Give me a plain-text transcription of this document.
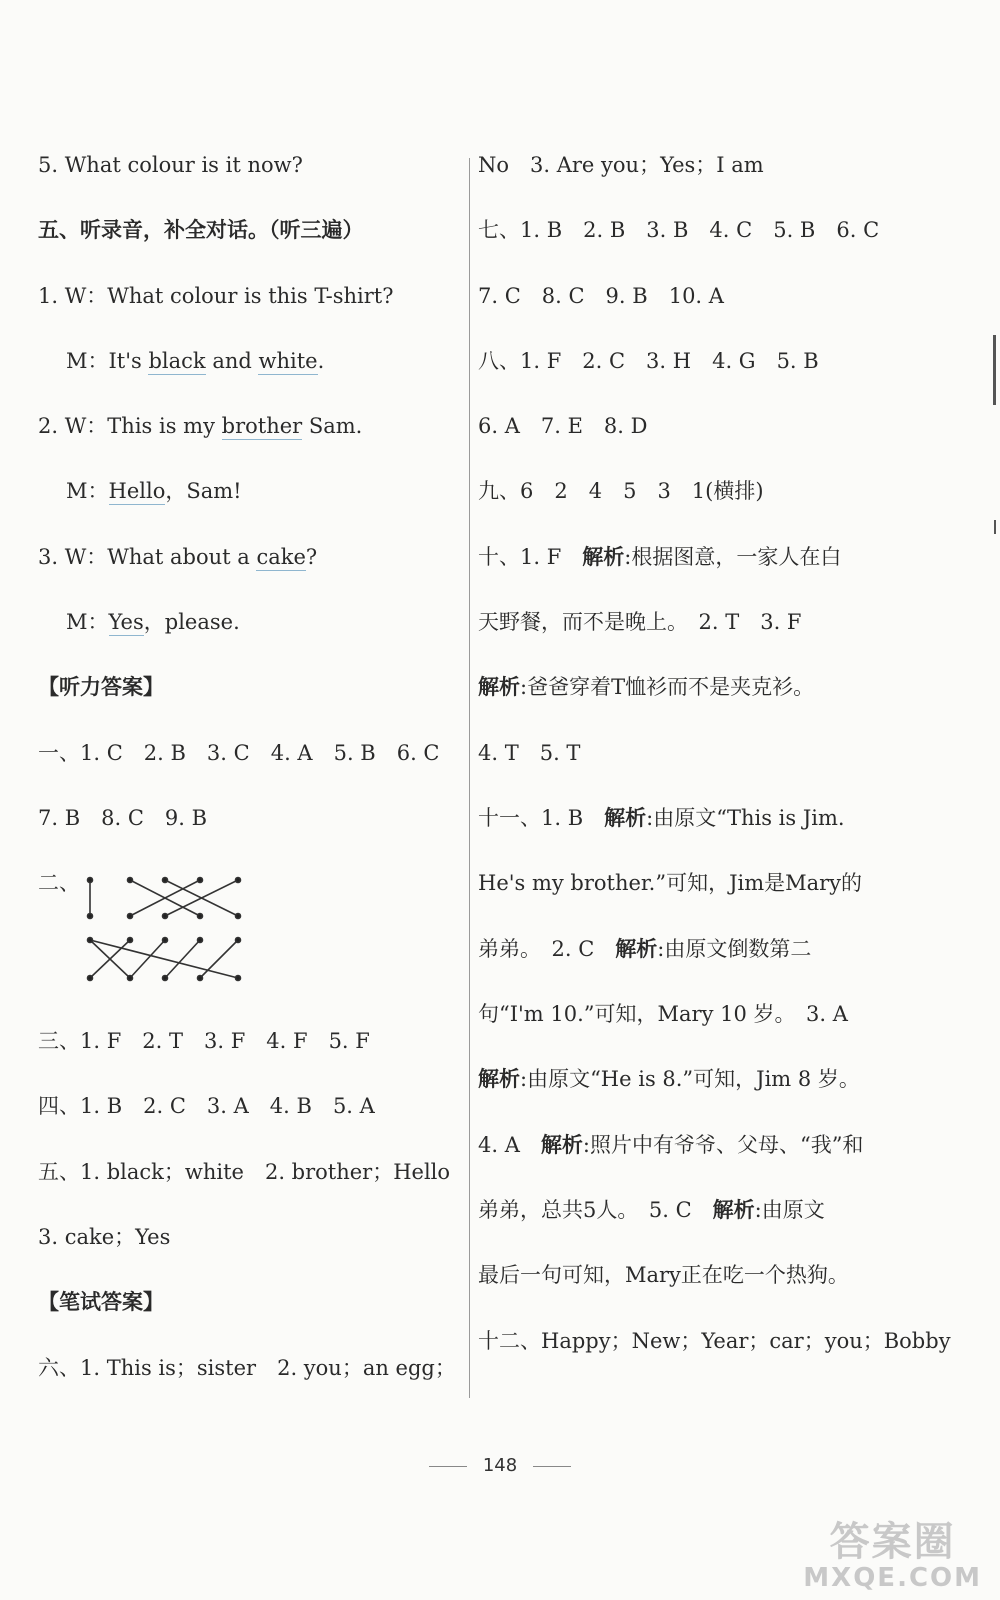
5. What colour is it now?
五、听录音，补全对话。（听三遍）
1. W：What colour is this T-shirt?
M：It's black and white.
2. W：This is my brother Sam.
M：Hello，Sam!
3. W：What about a cake?
M：Yes，please.
【听力答案】
一、1. C　2. B　3. C　4. A　5. B　6. C
7. B　8. C　9. B
二、
三、1. F　2. T　3. F　4. F　5. F
四、1. B　2. C　3. A　4. B　5. A
五、1. black；white　2. brother；Hello
3. cake；Yes
【笔试答案】
六、1. This is；sister　2. you；an egg；
No　3. Are you；Yes；I am
七、1. B　2. B　3. B　4. C　5. B　6. C
7. C　8. C　9. B　10. A
八、1. F　2. C　3. H　4. G　5. B
6. A　7. E　8. D
九、6　2　4　5　3　1(横排)
十、1. F　解析:根据图意，一家人在白
天野餐，而不是晚上。　2. T　3. F
解析:爸爸穿着T恤衫而不是夹克衫。
4. T　5. T
十一、1. B　解析:由原文“This is Jim.
He's my brother.”可知，Jim是Mary的
弟弟。　2. C　解析:由原文倒数第二
句“I'm 10.”可知，Mary 10 岁。　3. A
解析:由原文“He is 8.”可知，Jim 8 岁。
4. A　解析:照片中有爷爷、父母、“我”和
弟弟，总共5人。　5. C　解析:由原文
最后一句可知，Mary正在吃一个热狗。
十二、Happy；New；Year；car；you；Bobby
148
答案圈
MXQE.COM
